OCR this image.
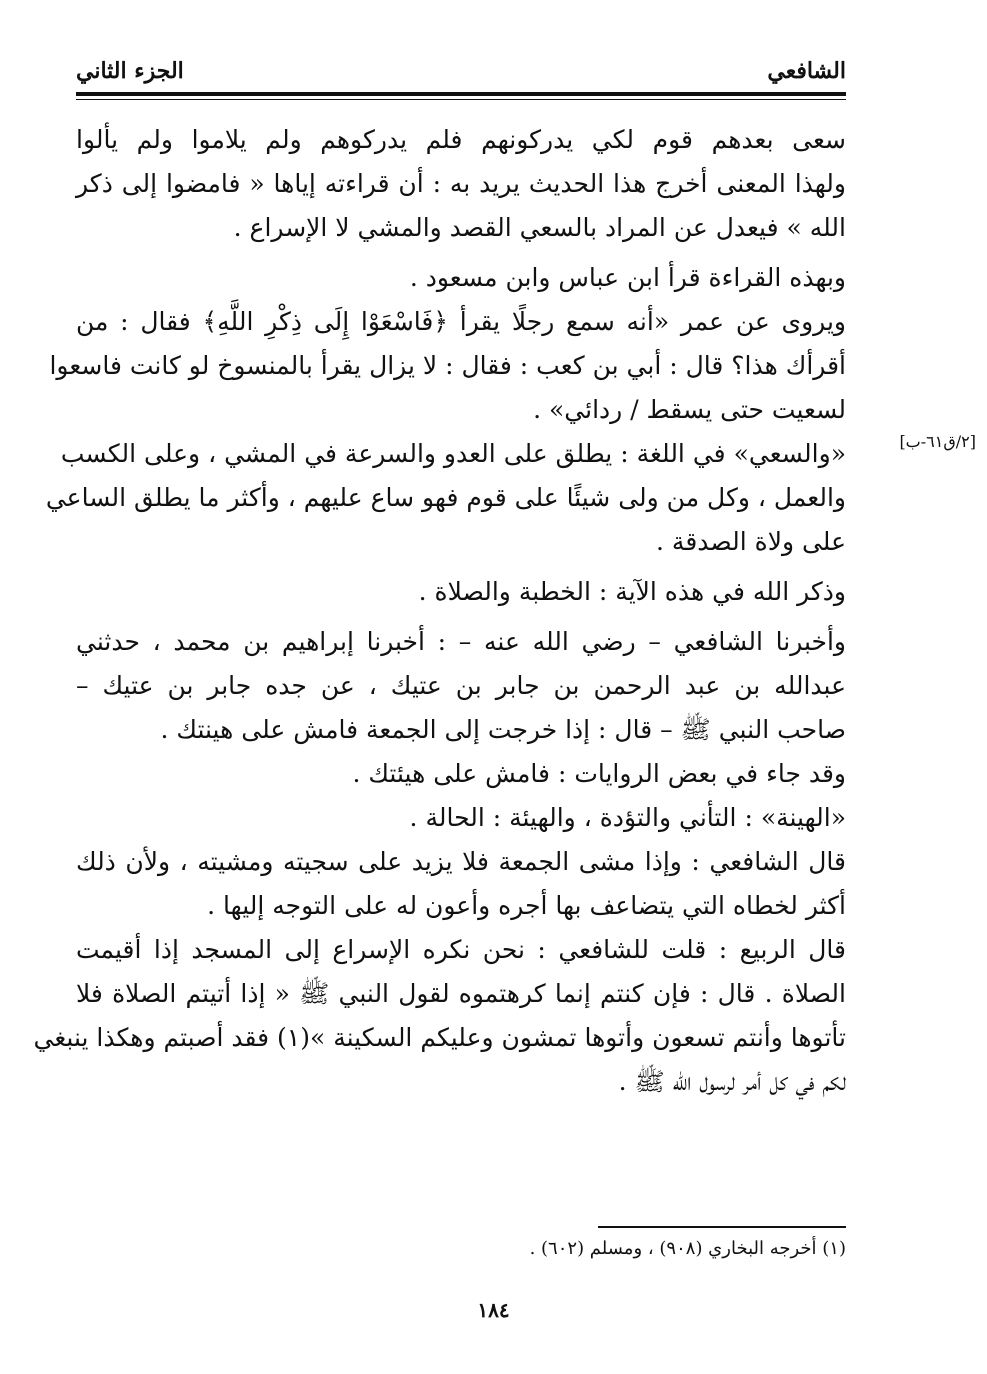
الشافعي
الجزء الثاني
[٢/ق٦١-ب]
سعى بعدهم قوم لكي يدركونهم فلم يدركوهم ولم يلاموا ولم يألوا
ولهذا المعنى أخرج هذا الحديث يريد به : أن قراءته إياها « فامضوا إلى ذكر
الله » فيعدل عن المراد بالسعي القصد والمشي لا الإسراع .
وبهذه القراءة قرأ ابن عباس وابن مسعود .
ويروى عن عمر «أنه سمع رجلًا يقرأ ﴿فَاسْعَوْا إِلَى ذِكْرِ اللَّهِ﴾ فقال : من
أقرأك هذا؟ قال : أبي بن كعب : فقال : لا يزال يقرأ بالمنسوخ لو كانت فاسعوا
لسعيت حتى يسقط / ردائي» .
«والسعي» في اللغة : يطلق على العدو والسرعة في المشي ، وعلى الكسب
والعمل ، وكل من ولى شيئًا على قوم فهو ساع عليهم ، وأكثر ما يطلق الساعي
على ولاة الصدقة .
وذكر الله في هذه الآية : الخطبة والصلاة .
وأخبرنا الشافعي – رضي الله عنه – : أخبرنا إبراهيم بن محمد ، حدثني
عبدالله بن عبد الرحمن بن جابر بن عتيك ، عن جده جابر بن عتيك –
صاحب النبي ﷺ – قال : إذا خرجت إلى الجمعة فامش على هينتك .
وقد جاء في بعض الروايات : فامش على هيئتك .
«الهينة» : التأني والتؤدة ، والهيئة : الحالة .
قال الشافعي : وإذا مشى الجمعة فلا يزيد على سجيته ومشيته ، ولأن ذلك
أكثر لخطاه التي يتضاعف بها أجره وأعون له على التوجه إليها .
قال الربيع : قلت للشافعي : نحن نكره الإسراع إلى المسجد إذا أقيمت
الصلاة . قال : فإن كنتم إنما كرهتموه لقول النبي ﷺ « إذا أتيتم الصلاة فلا
تأتوها وأنتم تسعون وأتوها تمشون وعليكم السكينة »(١) فقد أصبتم وهكذا ينبغي
لكم في كل أمر لرسول الله ﷺ .
(١) أخرجه البخاري (٩٠٨) ، ومسلم (٦٠٢) .
١٨٤
